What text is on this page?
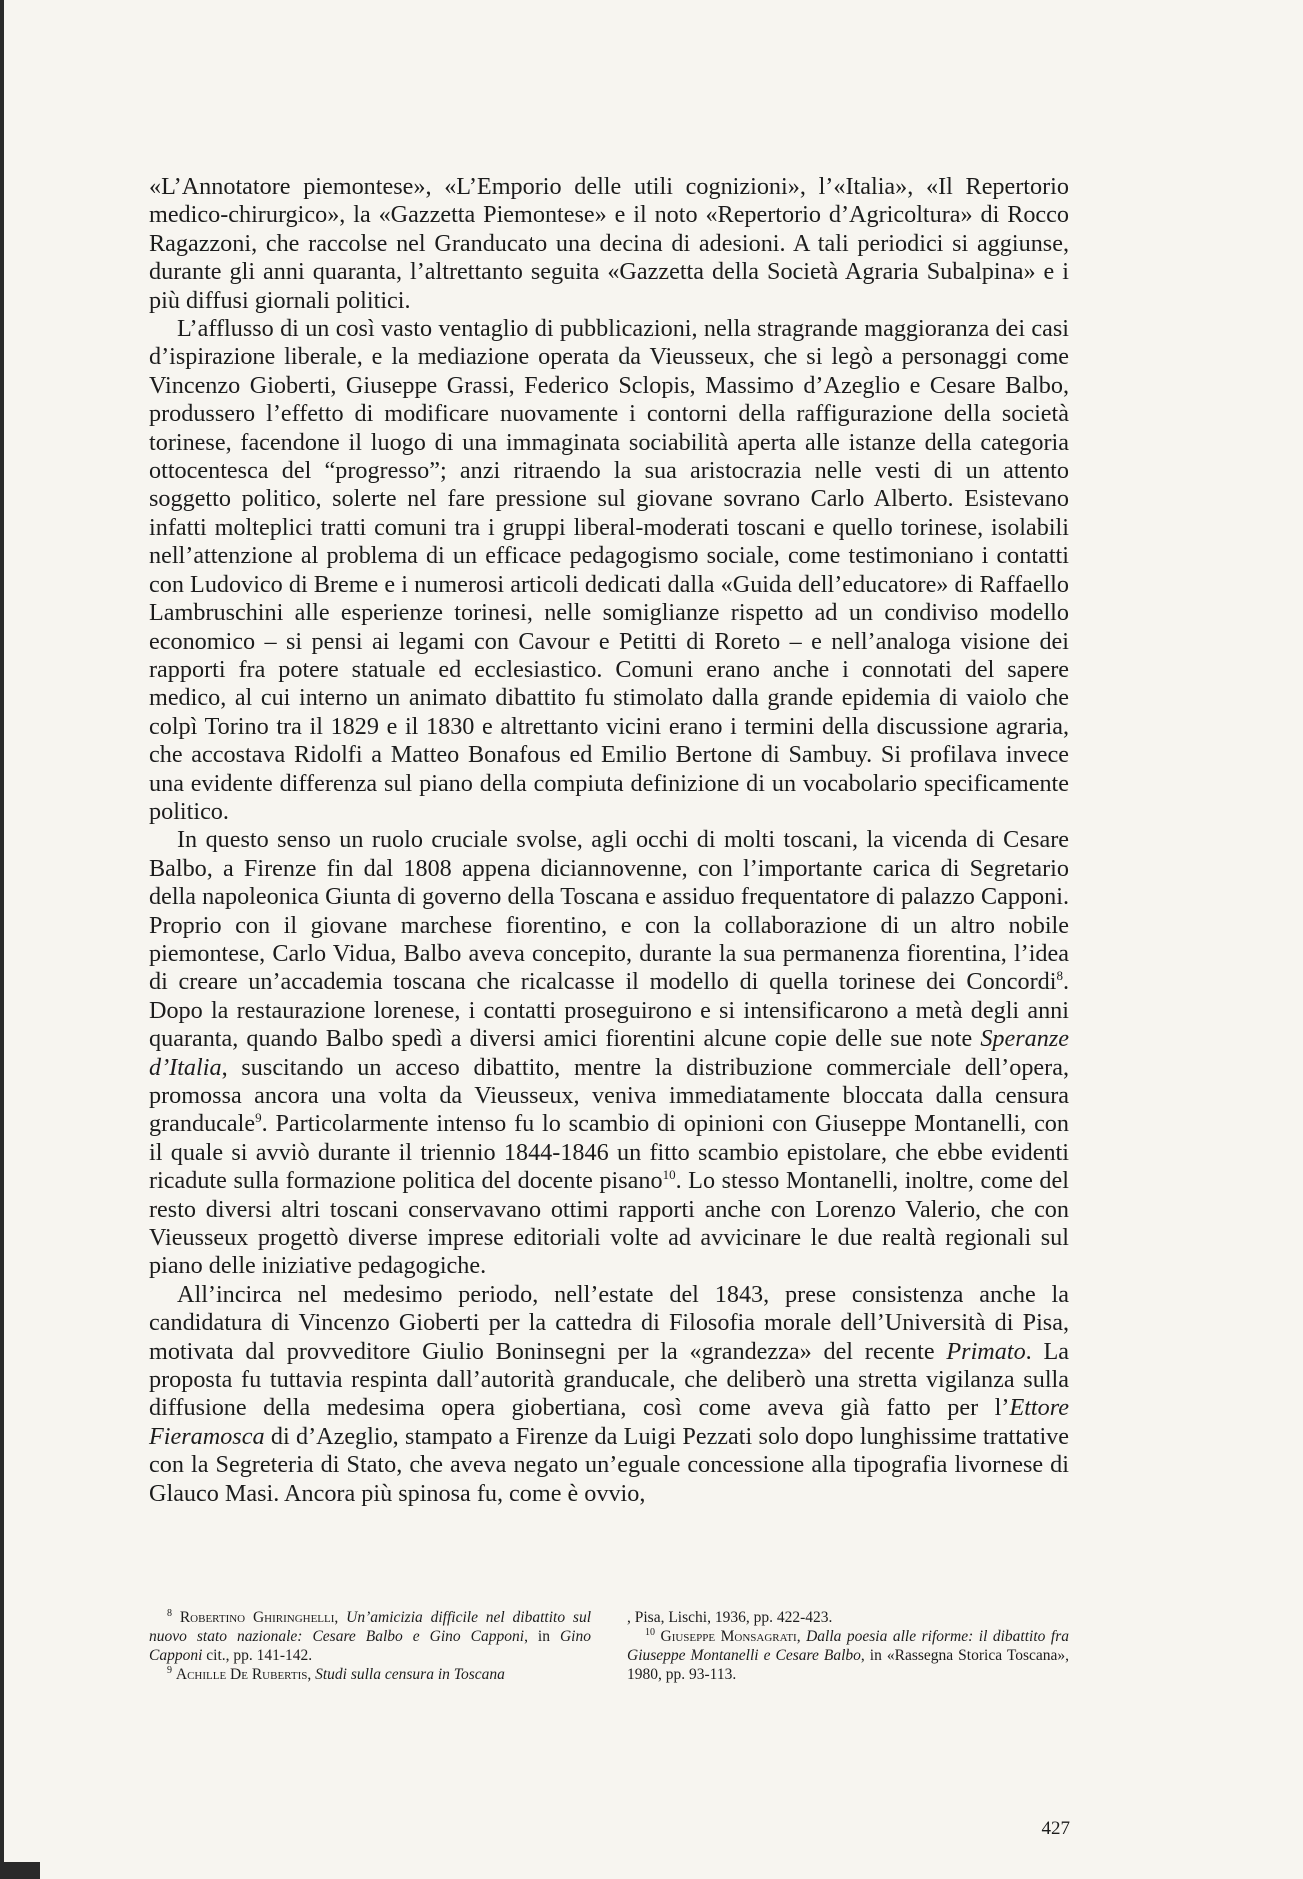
«L’Annotatore piemontese», «L’Emporio delle utili cognizioni», l’«Italia», «Il Repertorio medico-chirurgico», la «Gazzetta Piemontese» e il noto «Repertorio d’Agricoltura» di Rocco Ragazzoni, che raccolse nel Granducato una decina di adesioni. A tali periodici si aggiunse, durante gli anni quaranta, l’altrettanto seguita «Gazzetta della Società Agraria Subalpina» e i più diffusi giornali politici.

L’afflusso di un così vasto ventaglio di pubblicazioni, nella stragrande maggioranza dei casi d’ispirazione liberale, e la mediazione operata da Vieusseux, che si legò a personaggi come Vincenzo Gioberti, Giuseppe Grassi, Federico Sclopis, Massimo d’Azeglio e Cesare Balbo, produssero l’effetto di modificare nuovamente i contorni della raffigurazione della società torinese, facendone il luogo di una immaginata sociabilità aperta alle istanze della categoria ottocentesca del “progresso”; anzi ritraendo la sua aristocrazia nelle vesti di un attento soggetto politico, solerte nel fare pressione sul giovane sovrano Carlo Alberto. Esistevano infatti molteplici tratti comuni tra i gruppi liberal-moderati toscani e quello torinese, isolabili nell’attenzione al problema di un efficace pedagogismo sociale, come testimoniano i contatti con Ludovico di Breme e i numerosi articoli dedicati dalla «Guida dell’educatore» di Raffaello Lambruschini alle esperienze torinesi, nelle somiglianze rispetto ad un condiviso modello economico – si pensi ai legami con Cavour e Petitti di Roreto – e nell’analoga visione dei rapporti fra potere statuale ed ecclesiastico. Comuni erano anche i connotati del sapere medico, al cui interno un animato dibattito fu stimolato dalla grande epidemia di vaiolo che colpì Torino tra il 1829 e il 1830 e altrettanto vicini erano i termini della discussione agraria, che accostava Ridolfi a Matteo Bonafous ed Emilio Bertone di Sambuy. Si profilava invece una evidente differenza sul piano della compiuta definizione di un vocabolario specificamente politico.

In questo senso un ruolo cruciale svolse, agli occhi di molti toscani, la vicenda di Cesare Balbo, a Firenze fin dal 1808 appena diciannovenne, con l’importante carica di Segretario della napoleonica Giunta di governo della Toscana e assiduo frequentatore di palazzo Capponi. Proprio con il giovane marchese fiorentino, e con la collaborazione di un altro nobile piemontese, Carlo Vidua, Balbo aveva concepito, durante la sua permanenza fiorentina, l’idea di creare un’accademia toscana che ricalcasse il modello di quella torinese dei Concordi$^8$. Dopo la restaurazione lorenese, i contatti proseguirono e si intensificarono a metà degli anni quaranta, quando Balbo spedì a diversi amici fiorentini alcune copie delle sue note Speranze d’Italia, suscitando un acceso dibattito, mentre la distribuzione commerciale dell’opera, promossa ancora una volta da Vieusseux, veniva immediatamente bloccata dalla censura granducale$^9$. Particolarmente intenso fu lo scambio di opinioni con Giuseppe Montanelli, con il quale si avviò durante il triennio 1844-1846 un fitto scambio epistolare, che ebbe evidenti ricadute sulla formazione politica del docente pisano$^{10}$. Lo stesso Montanelli, inoltre, come del resto diversi altri toscani conservavano ottimi rapporti anche con Lorenzo Valerio, che con Vieusseux progettò diverse imprese editoriali volte ad avvicinare le due realtà regionali sul piano delle iniziative pedagogiche.

All’incirca nel medesimo periodo, nell’estate del 1843, prese consistenza anche la candidatura di Vincenzo Gioberti per la cattedra di Filosofia morale dell’Università di Pisa, motivata dal provveditore Giulio Boninsegni per la «grandezza» del recente Primato. La proposta fu tuttavia respinta dall’autorità granducale, che deliberò una stretta vigilanza sulla diffusione della medesima opera giobertiana, così come aveva già fatto per l’Ettore Fieramosca di d’Azeglio, stampato a Firenze da Luigi Pezzati solo dopo lunghissime trattative con la Segreteria di Stato, che aveva negato un’eguale concessione alla tipografia livornese di Glauco Masi. Ancora più spinosa fu, come è ovvio,

$^8$ Robertino Ghiringhelli, Un’amicizia difficile nel dibattito sul nuovo stato nazionale: Cesare Balbo e Gino Capponi, in Gino Capponi cit., pp. 141-142.

$^9$ Achille De Rubertis, Studi sulla censura in Toscana

, Pisa, Lischi, 1936, pp. 422-423.

$^{10}$ Giuseppe Monsagrati, Dalla poesia alle riforme: il dibattito fra Giuseppe Montanelli e Cesare Balbo, in «Rassegna Storica Toscana», 1980, pp. 93-113.

427
